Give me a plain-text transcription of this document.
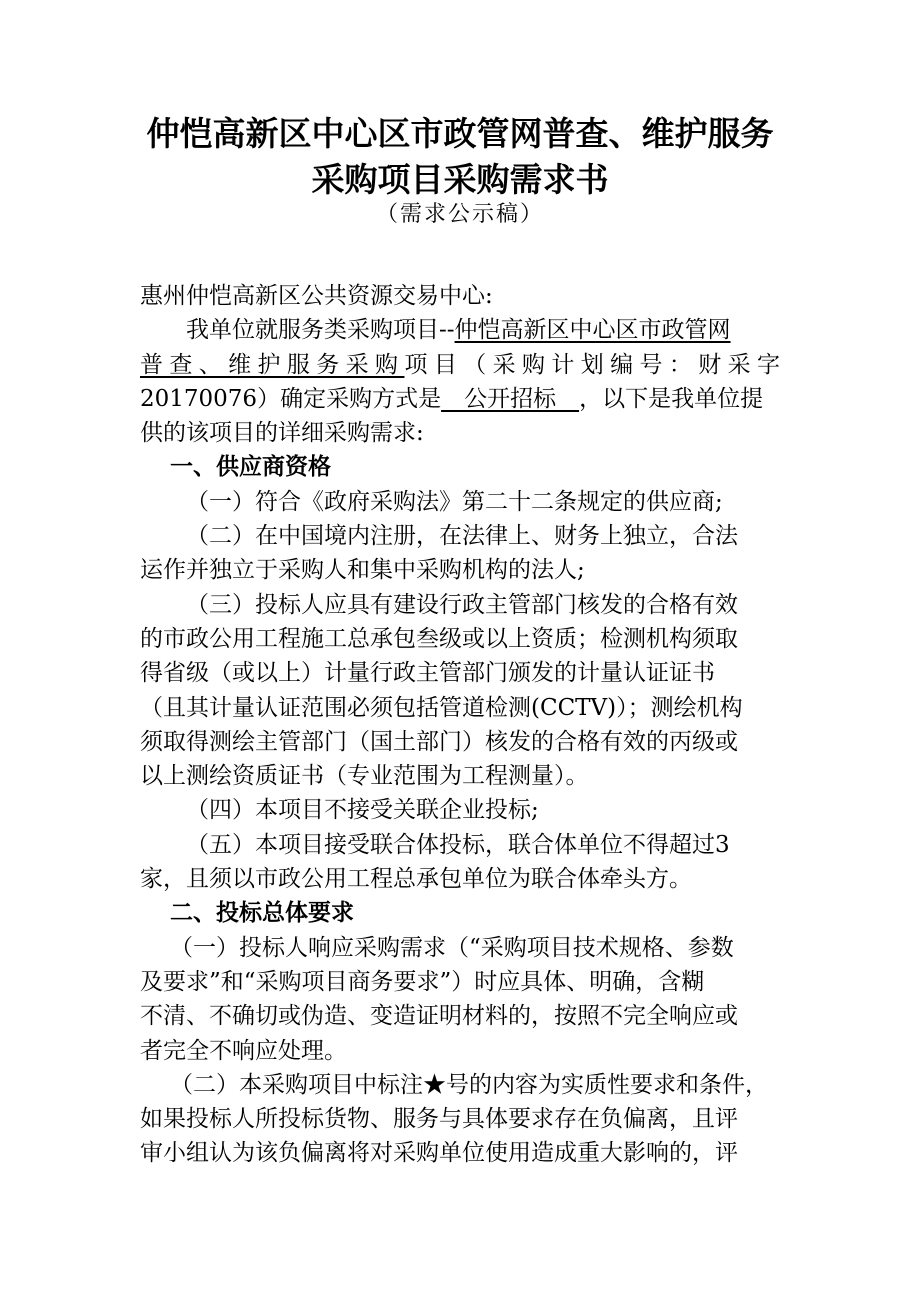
仲恺高新区中心区市政管网普查、维护服务
采购项目采购需求书
（需求公示稿）
惠州仲恺高新区公共资源交易中心:
我单位就服务类采购项目--仲恺高新区中心区市政管网
普查、维护服务采购项目（采购计划编号：财采字
20170076）确定采购方式是　公开招标　，以下是我单位提
供的该项目的详细采购需求:
一、供应商资格
（一）符合《政府采购法》第二十二条规定的供应商;
（二）在中国境内注册，在法律上、财务上独立，合法
运作并独立于采购人和集中采购机构的法人;
（三）投标人应具有建设行政主管部门核发的合格有效
的市政公用工程施工总承包叁级或以上资质；检测机构须取
得省级（或以上）计量行政主管部门颁发的计量认证证书
（且其计量认证范围必须包括管道检测(CCTV)）；测绘机构
须取得测绘主管部门（国土部门）核发的合格有效的丙级或
以上测绘资质证书（专业范围为工程测量）。
（四）本项目不接受关联企业投标;
（五）本项目接受联合体投标，联合体单位不得超过3
家，且须以市政公用工程总承包单位为联合体牵头方。
二、投标总体要求
（一）投标人响应采购需求（“采购项目技术规格、参数
及要求”和“采购项目商务要求”）时应具体、明确，含糊
不清、不确切或伪造、变造证明材料的，按照不完全响应或
者完全不响应处理。
（二）本采购项目中标注★号的内容为实质性要求和条件，
如果投标人所投标货物、服务与具体要求存在负偏离，且评
审小组认为该负偏离将对采购单位使用造成重大影响的，评
